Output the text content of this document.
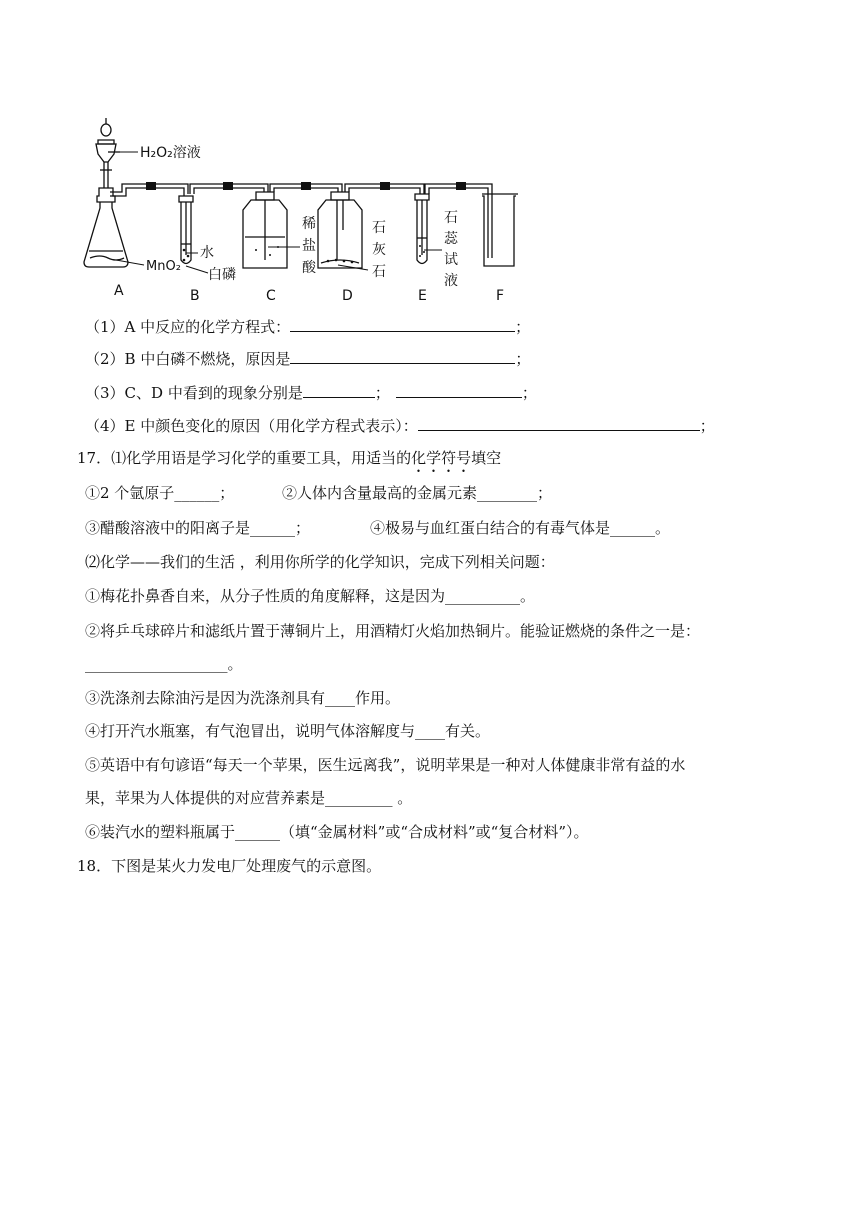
H₂O₂溶液
MnO₂
水
白磷
稀
盐
酸
石
灰
石
石
蕊
试
液
A	B	C	D	E	F
（1）A 中反应的化学方程式：	；
（2）B 中白磷不燃烧，原因是	；
（3）C、D 中看到的现象分别是	；	；
（4）E 中颜色变化的原因（用化学方程式表示）：	；
17．⑴化学用语是学习化学的重要工具，用适当的化学符号填空
①2 个氩原子______；	②人体内含量最高的金属元素________；
③醋酸溶液中的阳离子是______；	④极易与血红蛋白结合的有毒气体是______。
⑵化学——我们的生活 ，利用你所学的化学知识，完成下列相关问题：
①梅花扑鼻香自来，从分子性质的角度解释，这是因为__________。
②将乒乓球碎片和滤纸片置于薄铜片上，用酒精灯火焰加热铜片。能验证燃烧的条件之一是：
___________________。
③洗涤剂去除油污是因为洗涤剂具有____作用。
④打开汽水瓶塞，有气泡冒出，说明气体溶解度与____有关。
⑤英语中有句谚语“每天一个苹果，医生远离我”，说明苹果是一种对人体健康非常有益的水
果，苹果为人体提供的对应营养素是_________ 。
⑥装汽水的塑料瓶属于______（填“金属材料”或“合成材料”或“复合材料”）。
18．下图是某火力发电厂处理废气的示意图。
